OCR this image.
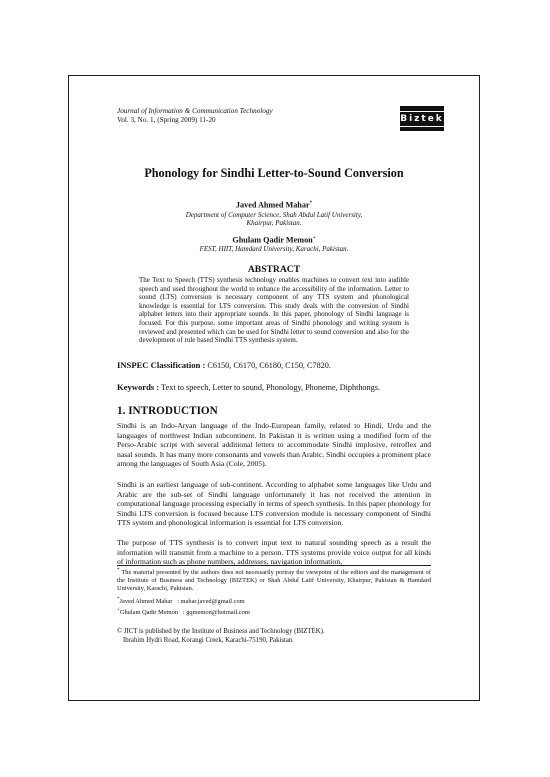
Journal of Information & Communication Technology
Vol. 3, No. 1, (Spring 2009) 11-20	Biztek
Phonology for Sindhi Letter-to-Sound Conversion
Javed Ahmed Mahar*
Department of Computer Science, Shah Abdul Latif University, Khairpur, Pakistan.
Ghulam Qadir Memon+
FEST, HIIT, Hamdard University, Karachi, Pakistan.
ABSTRACT
The Text to Speech (TTS) synthesis technology enables machines to convert text into audible speech and used throughout the world to enhance the accessibility of the information. Letter to sound (LTS) conversion is necessary component of any TTS system and phonological knowledge is essential for LTS conversion. This study deals with the conversion of Sindhi alphabet letters into their appropriate sounds. In this paper, phonology of Sindhi language is focused. For this purpose, some important areas of Sindhi phonology and writing system is reviewed and presented which can be used for Sindhi letter to sound conversion and also for the development of rule based Sindhi TTS synthesis system.
INSPEC Classification : C6150, C6170, C6180, C150, C7820.
Keywords : Text to speech, Letter to sound, Phonology, Phoneme, Diphthongs.
1. INTRODUCTION
Sindhi is an Indo-Aryan language of the Indo-European family, related to Hindi, Urdu and the languages of northwest Indian subcontinent. In Pakistan it is written using a modified form of the Perso-Arabic script with several additional letters to accommodate Sindhi implosive, retroflex and nasal sounds. It has many more consonants and vowels than Arabic. Sindhi occupies a prominent place among the languages of South Asia (Cole, 2005).
Sindhi is an earliest language of sub-continent. According to alphabet some languages like Urdu and Arabic are the sub-set of Sindhi language unfortunately it has not received the attention in computational language processing especially in terms of speech synthesis. In this paper phonology for Sindhi LTS conversion is focused because LTS conversion module is necessary component of Sindhi TTS system and phonological information is essential for LTS conversion.
The purpose of TTS synthesis is to convert input text to natural sounding speech as a result the information will transmit from a machine to a person. TTS systems provide voice output for all kinds of information such as phone numbers, addresses, navigation information,
* The material presented by the authors does not necessarily portray the viewpoint of the editors and the management of the Institute of Business and Technology (BIZTEK) or Shah Abdul Latif University, Khairpur, Pakistan & Hamdard University, Karachi, Pakistan.
*Javed Ahmed Mahar : mahar.javed@gmail.com
+Ghulam Qadir Memon : gqmemon@hotmail.com
© JICT is published by the Institute of Business and Technology (BIZTEK).
Ibrahim Hydri Road, Korangi Creek, Karachi-75190, Pakistan.
